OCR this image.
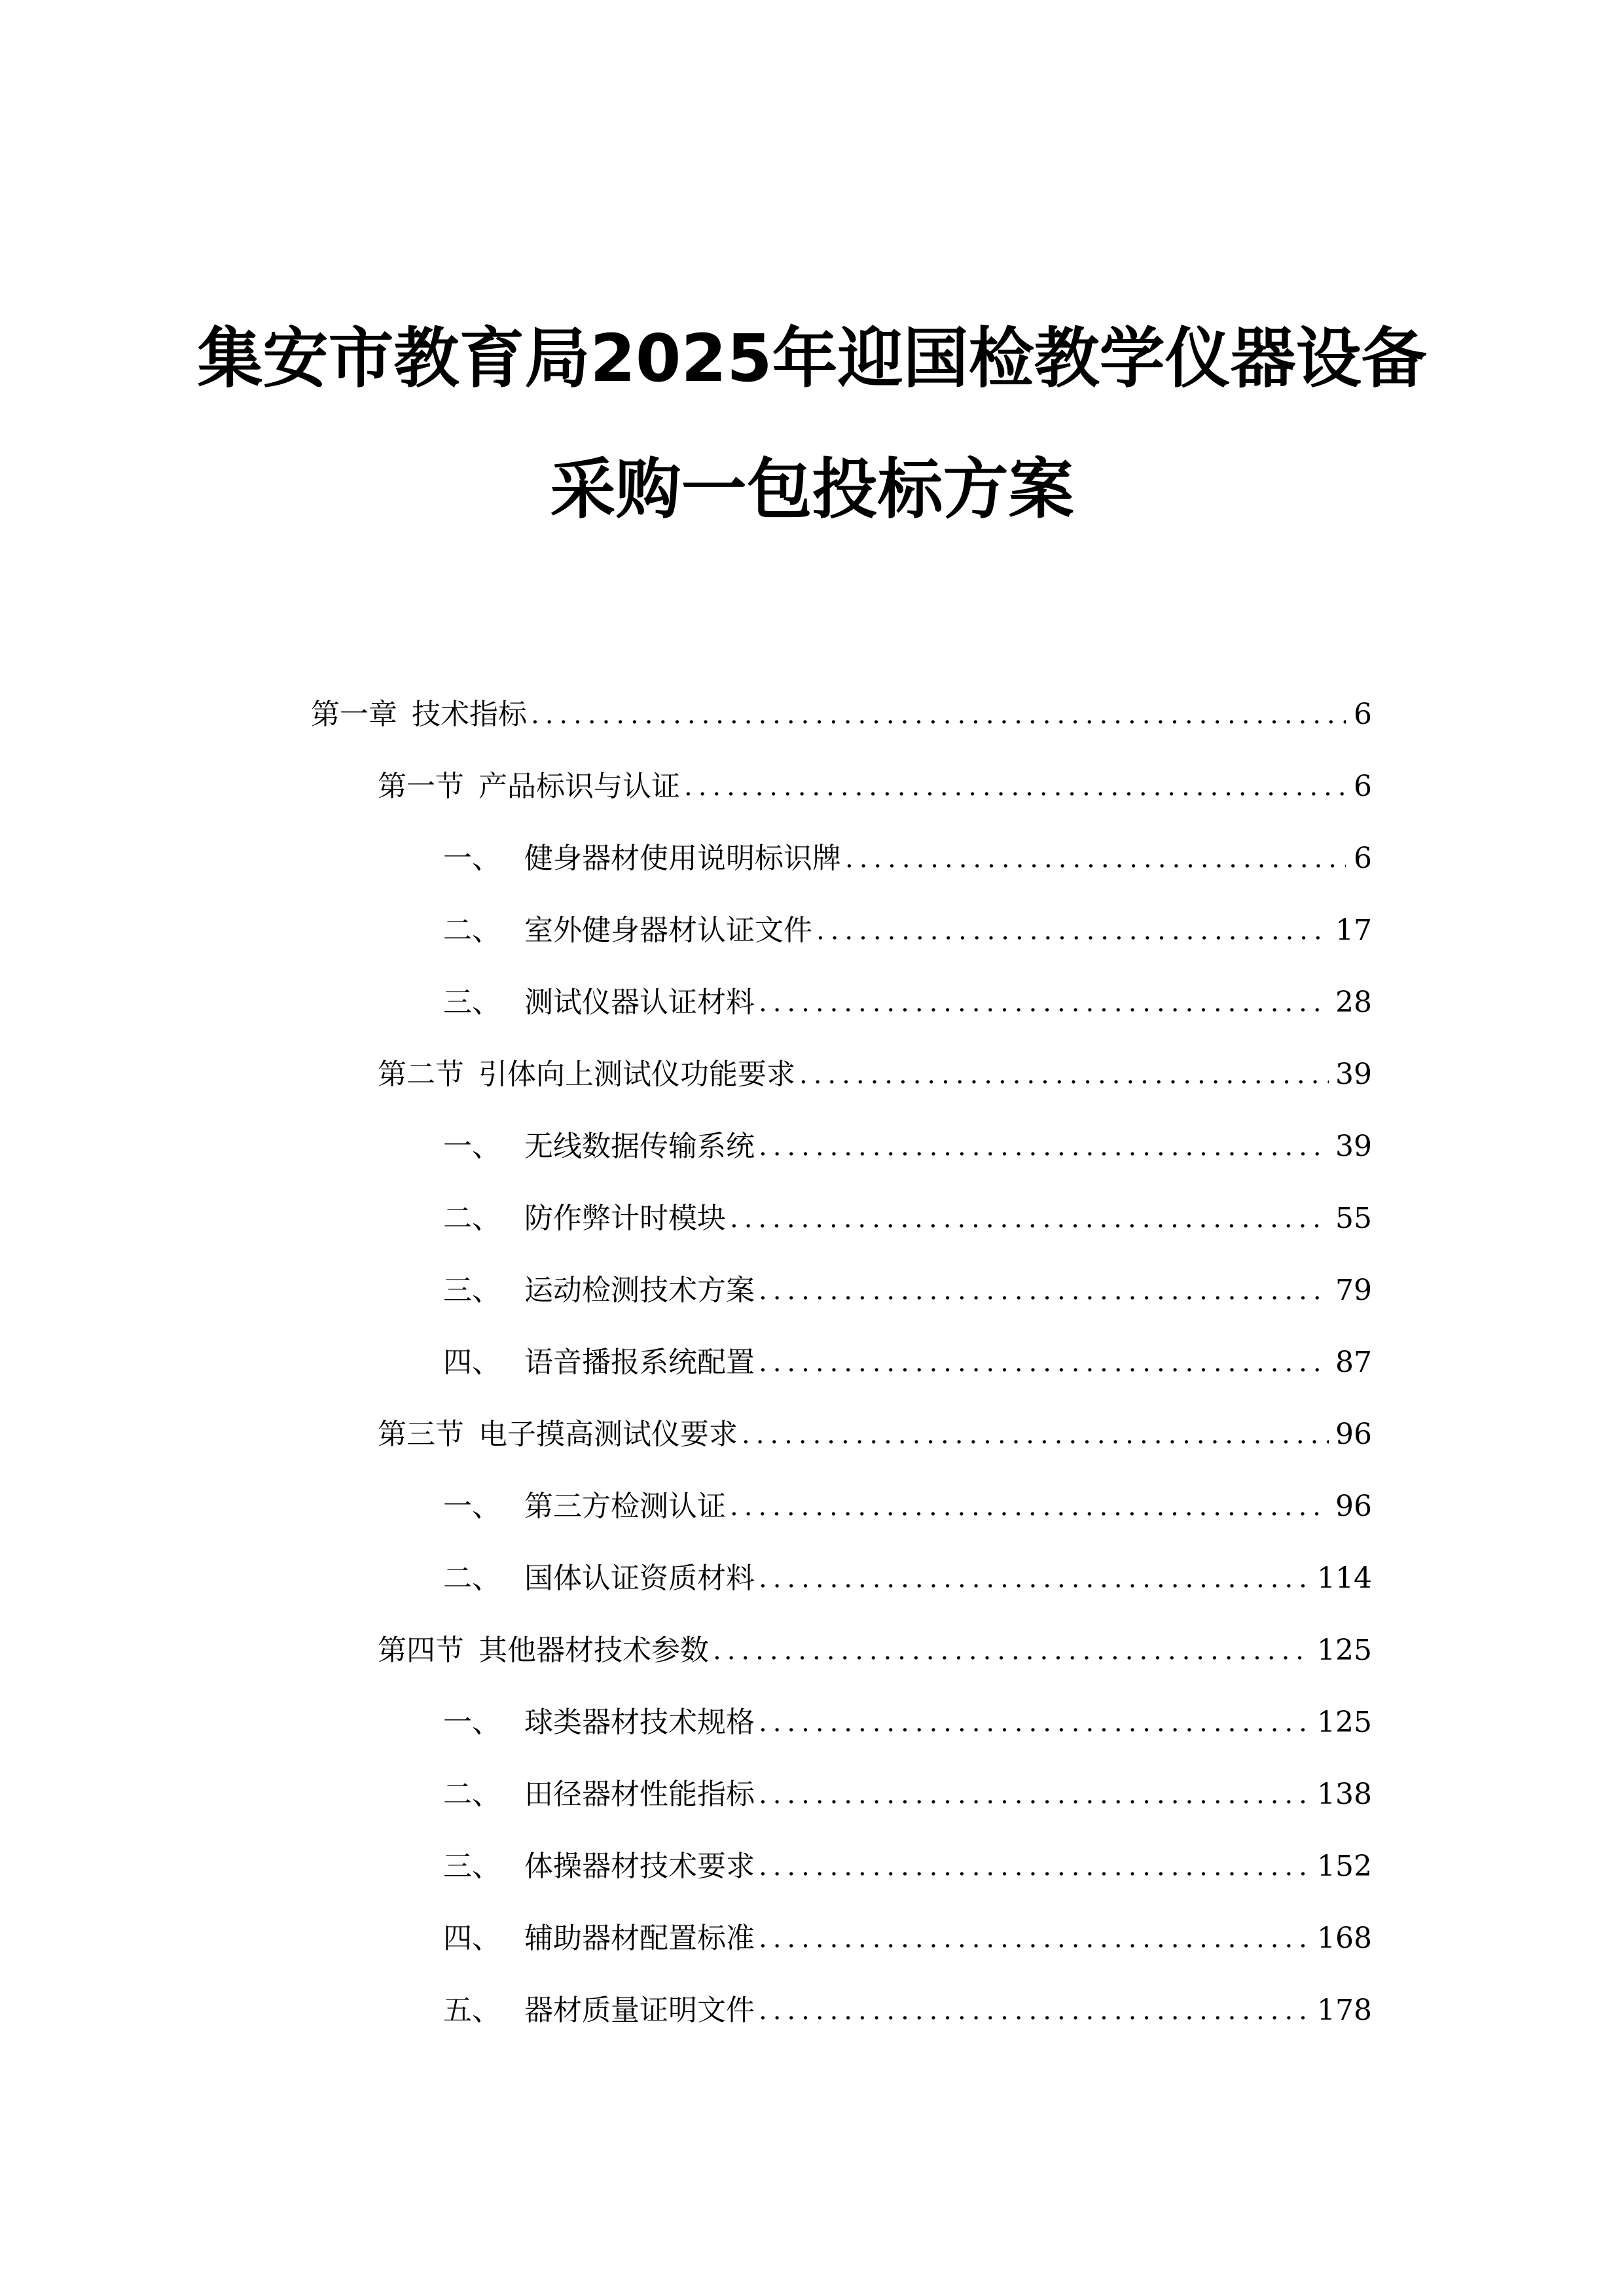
集安市教育局2025年迎国检教学仪器设备
采购一包投标方案
第一章 技术指标 .....	6
第一节 产品标识与认证 .....	6
一、 健身器材使用说明标识牌 .....	6
二、 室外健身器材认证文件 .....	17
三、 测试仪器认证材料 .....	28
第二节 引体向上测试仪功能要求 .....	39
一、 无线数据传输系统 .....	39
二、 防作弊计时模块 .....	55
三、 运动检测技术方案 .....	79
四、 语音播报系统配置 .....	87
第三节 电子摸高测试仪要求 .....	96
一、 第三方检测认证 .....	96
二、 国体认证资质材料 .....	114
第四节 其他器材技术参数 .....	125
一、 球类器材技术规格 .....	125
二、 田径器材性能指标 .....	138
三、 体操器材技术要求 .....	152
四、 辅助器材配置标准 .....	168
五、 器材质量证明文件 .....	178
